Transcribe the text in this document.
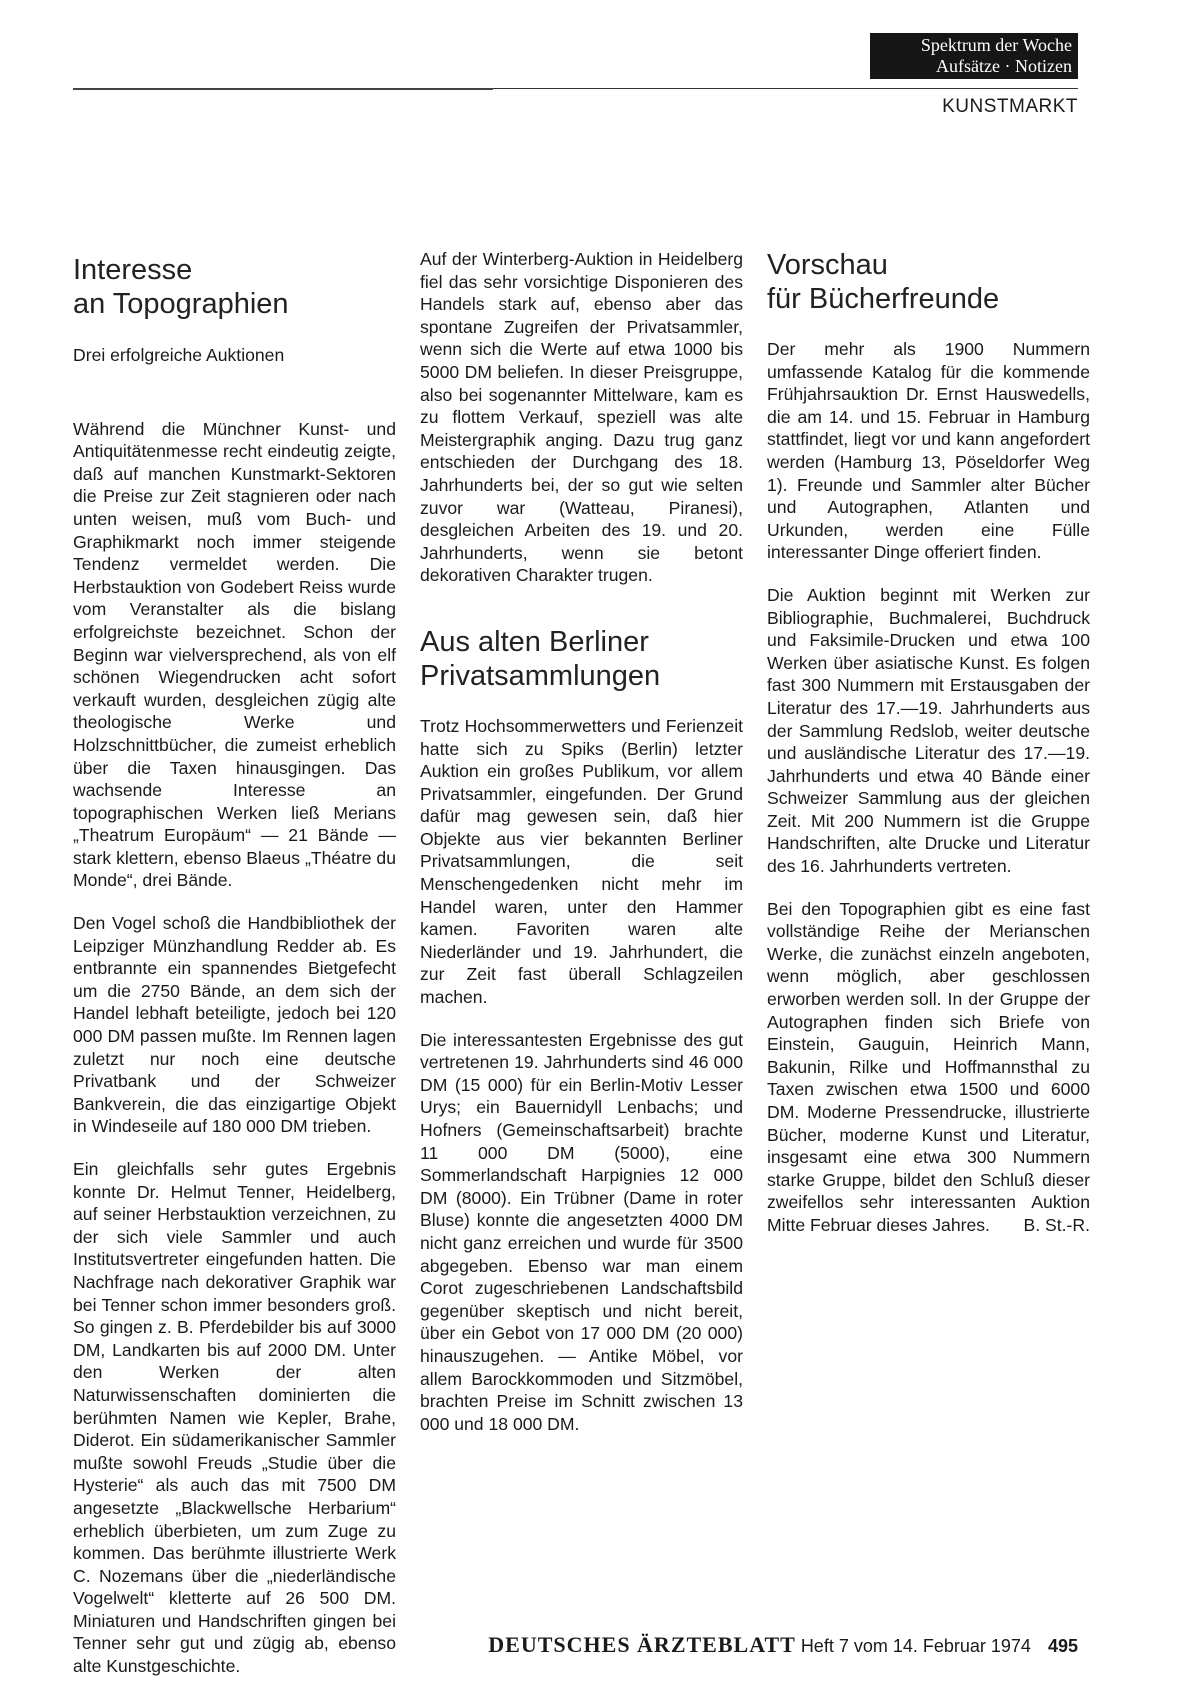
Spektrum der Woche
Aufsätze · Notizen
KUNSTMARKT
Interesse
an Topographien

Drei erfolgreiche Auktionen

Während die Münchner Kunst- und Antiquitätenmesse recht eindeutig zeigte, daß auf manchen Kunstmarkt-Sektoren die Preise zur Zeit stagnieren oder nach unten weisen, muß vom Buch- und Graphikmarkt noch immer steigende Tendenz vermeldet werden. Die Herbstauktion von Godebert Reiss wurde vom Veranstalter als die bislang erfolgreichste bezeichnet. Schon der Beginn war vielversprechend, als von elf schönen Wiegendrucken acht sofort verkauft wurden, desgleichen zügig alte theologische Werke und Holzschnittbücher, die zumeist erheblich über die Taxen hinausgingen. Das wachsende Interesse an topographischen Werken ließ Merians „Theatrum Europäum“ — 21 Bände — stark klettern, ebenso Blaeus „Théatre du Monde“, drei Bände.

Den Vogel schoß die Handbibliothek der Leipziger Münzhandlung Redder ab. Es entbrannte ein spannendes Bietgefecht um die 2750 Bände, an dem sich der Handel lebhaft beteiligte, jedoch bei 120 000 DM passen mußte. Im Rennen lagen zuletzt nur noch eine deutsche Privatbank und der Schweizer Bankverein, die das einzigartige Objekt in Windeseile auf 180 000 DM trieben.

Ein gleichfalls sehr gutes Ergebnis konnte Dr. Helmut Tenner, Heidelberg, auf seiner Herbstauktion verzeichnen, zu der sich viele Sammler und auch Institutsvertreter eingefunden hatten. Die Nachfrage nach dekorativer Graphik war bei Tenner schon immer besonders groß. So gingen z. B. Pferdebilder bis auf 3000 DM, Landkarten bis auf 2000 DM. Unter den Werken der alten Naturwissenschaften dominierten die berühmten Namen wie Kepler, Brahe, Diderot. Ein südamerikanischer Sammler mußte sowohl Freuds „Studie über die Hysterie“ als auch das mit 7500 DM angesetzte „Blackwellsche Herbarium“ erheblich überbieten, um zum Zuge zu kommen. Das berühmte illustrierte Werk C. Nozemans über die „niederländische Vogelwelt“ kletterte auf 26 500 DM. Miniaturen und Handschriften gingen bei Tenner sehr gut und zügig ab, ebenso alte Kunstgeschichte.

Auf der Winterberg-Auktion in Heidelberg fiel das sehr vorsichtige Disponieren des Handels stark auf, ebenso aber das spontane Zugreifen der Privatsammler, wenn sich die Werte auf etwa 1000 bis 5000 DM beliefen. In dieser Preisgruppe, also bei sogenannter Mittelware, kam es zu flottem Verkauf, speziell was alte Meistergraphik anging. Dazu trug ganz entschieden der Durchgang des 18. Jahrhunderts bei, der so gut wie selten zuvor war (Watteau, Piranesi), desgleichen Arbeiten des 19. und 20. Jahrhunderts, wenn sie betont dekorativen Charakter trugen.

Aus alten Berliner
Privatsammlungen

Trotz Hochsommerwetters und Ferienzeit hatte sich zu Spiks (Berlin) letzter Auktion ein großes Publikum, vor allem Privatsammler, eingefunden. Der Grund dafür mag gewesen sein, daß hier Objekte aus vier bekannten Berliner Privatsammlungen, die seit Menschengedenken nicht mehr im Handel waren, unter den Hammer kamen. Favoriten waren alte Niederländer und 19. Jahrhundert, die zur Zeit fast überall Schlagzeilen machen.

Die interessantesten Ergebnisse des gut vertretenen 19. Jahrhunderts sind 46 000 DM (15 000) für ein Berlin-Motiv Lesser Urys; ein Bauernidyll Lenbachs; und Hofners (Gemeinschaftsarbeit) brachte 11 000 DM (5000), eine Sommerlandschaft Harpignies 12 000 DM (8000). Ein Trübner (Dame in roter Bluse) konnte die angesetzten 4000 DM nicht ganz erreichen und wurde für 3500 abgegeben. Ebenso war man einem Corot zugeschriebenen Landschaftsbild gegenüber skeptisch und nicht bereit, über ein Gebot von 17 000 DM (20 000) hinauszugehen. — Antike Möbel, vor allem Barockkommoden und Sitzmöbel, brachten Preise im Schnitt zwischen 13 000 und 18 000 DM.

Vorschau
für Bücherfreunde

Der mehr als 1900 Nummern umfassende Katalog für die kommende Frühjahrsauktion Dr. Ernst Hauswedells, die am 14. und 15. Februar in Hamburg stattfindet, liegt vor und kann angefordert werden (Hamburg 13, Pöseldorfer Weg 1). Freunde und Sammler alter Bücher und Autographen, Atlanten und Urkunden, werden eine Fülle interessanter Dinge offeriert finden.

Die Auktion beginnt mit Werken zur Bibliographie, Buchmalerei, Buchdruck und Faksimile-Drucken und etwa 100 Werken über asiatische Kunst. Es folgen fast 300 Nummern mit Erstausgaben der Literatur des 17.—19. Jahrhunderts aus der Sammlung Redslob, weiter deutsche und ausländische Literatur des 17.—19. Jahrhunderts und etwa 40 Bände einer Schweizer Sammlung aus der gleichen Zeit. Mit 200 Nummern ist die Gruppe Handschriften, alte Drucke und Literatur des 16. Jahrhunderts vertreten.

Bei den Topographien gibt es eine fast vollständige Reihe der Merianschen Werke, die zunächst einzeln angeboten, wenn möglich, aber geschlossen erworben werden soll. In der Gruppe der Autographen finden sich Briefe von Einstein, Gauguin, Heinrich Mann, Bakunin, Rilke und Hoffmannsthal zu Taxen zwischen etwa 1500 und 6000 DM. Moderne Pressendrucke, illustrierte Bücher, moderne Kunst und Literatur, insgesamt eine etwa 300 Nummern starke Gruppe, bildet den Schluß dieser zweifellos sehr interessanten Auktion Mitte Februar dieses Jahres. B. St.-R.

DEUTSCHES ÄRZTEBLATT Heft 7 vom 14. Februar 1974 495
